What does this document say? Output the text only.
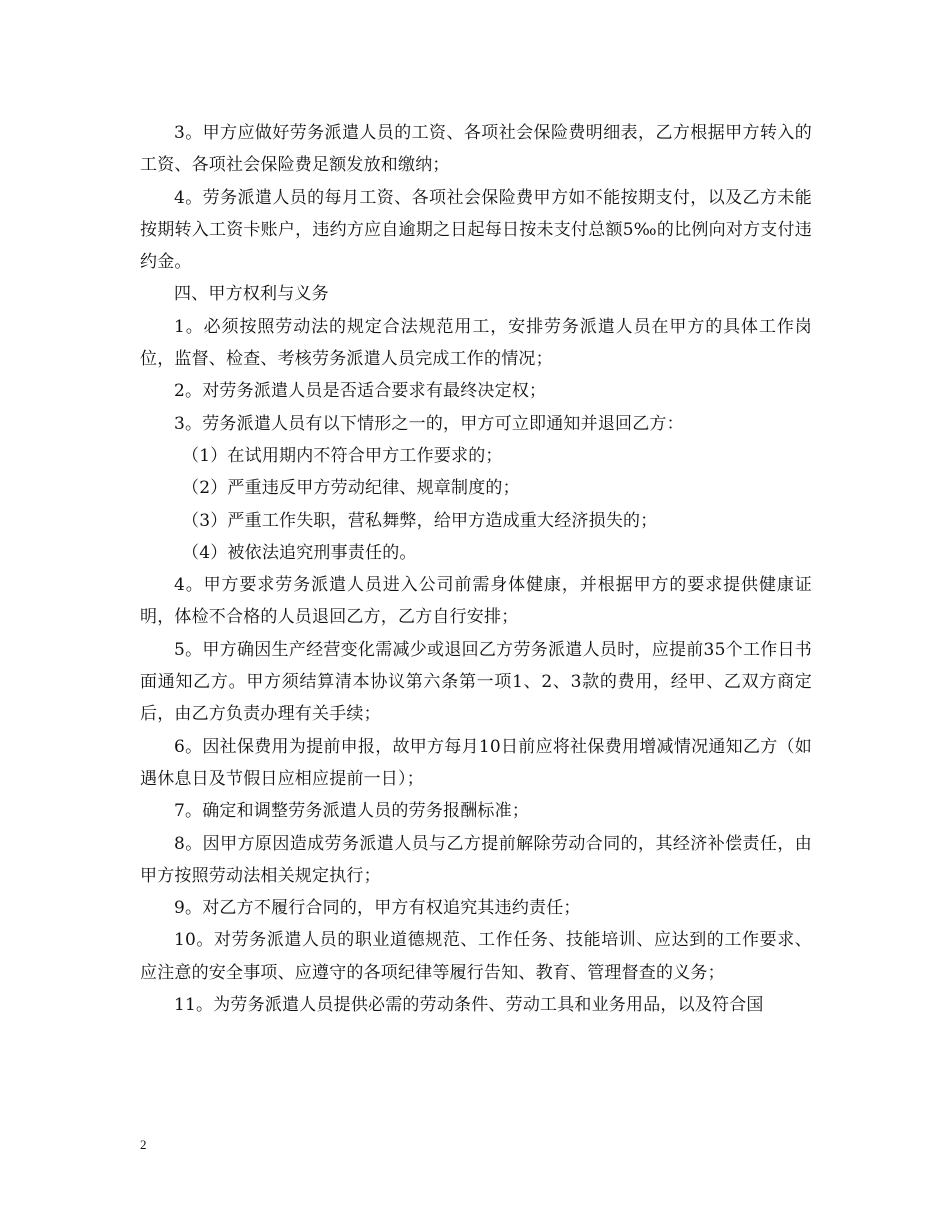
3。甲方应做好劳务派遣人员的工资、各项社会保险费明细表，乙方根据甲方转入的工资、各项社会保险费足额发放和缴纳；

4。劳务派遣人员的每月工资、各项社会保险费甲方如不能按期支付，以及乙方未能按期转入工资卡账户，违约方应自逾期之日起每日按未支付总额5‰的比例向对方支付违约金。

四、甲方权利与义务

1。必须按照劳动法的规定合法规范用工，安排劳务派遣人员在甲方的具体工作岗位，监督、检查、考核劳务派遣人员完成工作的情况；

2。对劳务派遣人员是否适合要求有最终决定权；

3。劳务派遣人员有以下情形之一的，甲方可立即通知并退回乙方：

（1）在试用期内不符合甲方工作要求的；

（2）严重违反甲方劳动纪律、规章制度的；

（3）严重工作失职，营私舞弊，给甲方造成重大经济损失的；

（4）被依法追究刑事责任的。

4。甲方要求劳务派遣人员进入公司前需身体健康，并根据甲方的要求提供健康证明，体检不合格的人员退回乙方，乙方自行安排；

5。甲方确因生产经营变化需减少或退回乙方劳务派遣人员时，应提前35个工作日书面通知乙方。甲方须结算清本协议第六条第一项1、2、3款的费用，经甲、乙双方商定后，由乙方负责办理有关手续；

6。因社保费用为提前申报，故甲方每月10日前应将社保费用增减情况通知乙方（如遇休息日及节假日应相应提前一日）；

7。确定和调整劳务派遣人员的劳务报酬标准；

8。因甲方原因造成劳务派遣人员与乙方提前解除劳动合同的，其经济补偿责任，由甲方按照劳动法相关规定执行；

9。对乙方不履行合同的，甲方有权追究其违约责任；

10。对劳务派遣人员的职业道德规范、工作任务、技能培训、应达到的工作要求、应注意的安全事项、应遵守的各项纪律等履行告知、教育、管理督查的义务；

11。为劳务派遣人员提供必需的劳动条件、劳动工具和业务用品，以及符合国

2
